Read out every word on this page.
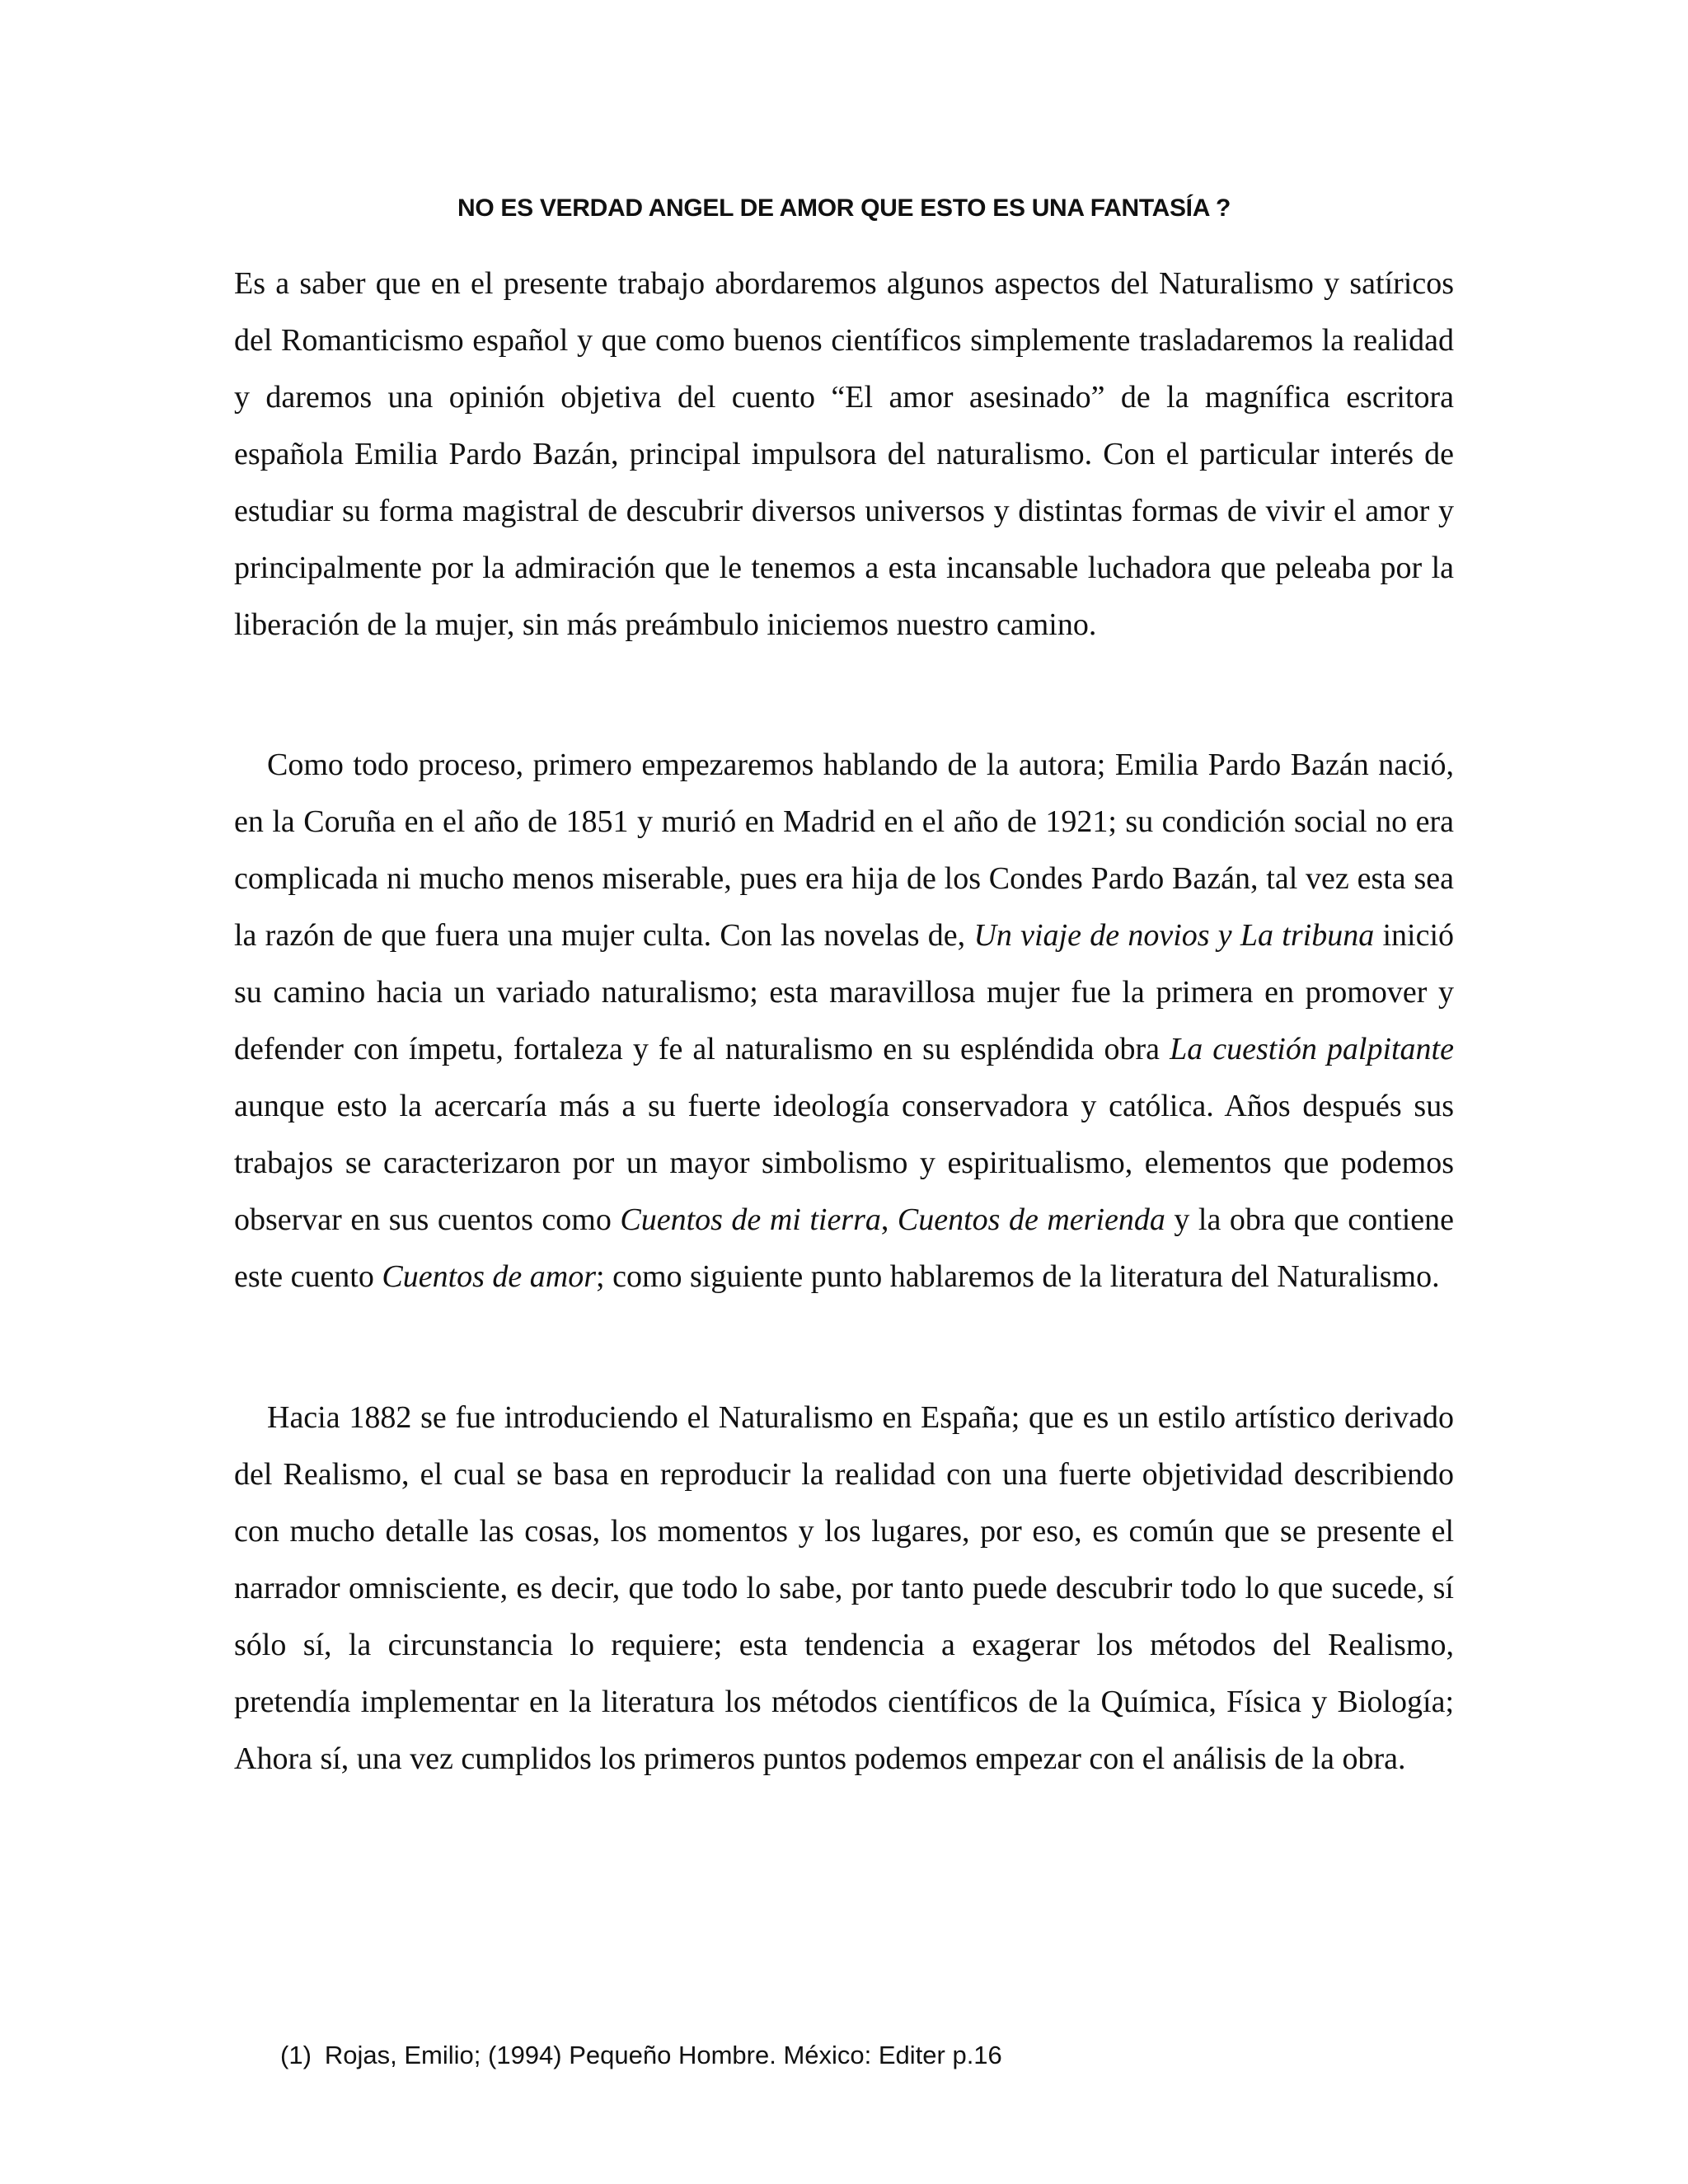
NO ES VERDAD ANGEL DE AMOR QUE ESTO ES UNA FANTASÍA ?

Es a saber que en el presente trabajo abordaremos algunos aspectos del Naturalismo y satíricos del Romanticismo español y que como buenos científicos simplemente trasladaremos la realidad y daremos una opinión objetiva del cuento “El amor asesinado” de la magnífica escritora española Emilia Pardo Bazán, principal impulsora del naturalismo. Con el particular interés de estudiar su forma magistral de descubrir diversos universos y distintas formas de vivir el amor y principalmente por la admiración que le tenemos a esta incansable luchadora que peleaba por la liberación de la mujer, sin más preámbulo iniciemos nuestro camino.

Como todo proceso, primero empezaremos hablando de la autora; Emilia Pardo Bazán nació, en la Coruña en el año de 1851 y murió en Madrid en el año de 1921; su condición social no era complicada ni mucho menos miserable, pues era hija de los Condes Pardo Bazán, tal vez esta sea la razón de que fuera una mujer culta. Con las novelas de, Un viaje de novios y La tribuna inició su camino hacia un variado naturalismo; esta maravillosa mujer fue la primera en promover y defender con ímpetu, fortaleza y fe al naturalismo en su espléndida obra La cuestión palpitante aunque esto la acercaría más a su fuerte ideología conservadora y católica. Años después sus trabajos se caracterizaron por un mayor simbolismo y espiritualismo, elementos que podemos observar en sus cuentos como Cuentos de mi tierra, Cuentos de merienda y la obra que contiene este cuento Cuentos de amor; como siguiente punto hablaremos de la literatura del Naturalismo.

Hacia 1882 se fue introduciendo el Naturalismo en España; que es un estilo artístico derivado del Realismo, el cual se basa en reproducir la realidad con una fuerte objetividad describiendo con mucho detalle las cosas, los momentos y los lugares, por eso, es común que se presente el narrador omnisciente, es decir, que todo lo sabe, por tanto puede descubrir todo lo que sucede, sí sólo sí, la circunstancia lo requiere; esta tendencia a exagerar los métodos del Realismo, pretendía implementar en la literatura los métodos científicos de la Química, Física y Biología; Ahora sí, una vez cumplidos los primeros puntos podemos empezar con el análisis de la obra.

(1) Rojas, Emilio; (1994) Pequeño Hombre. México: Editer p.16
